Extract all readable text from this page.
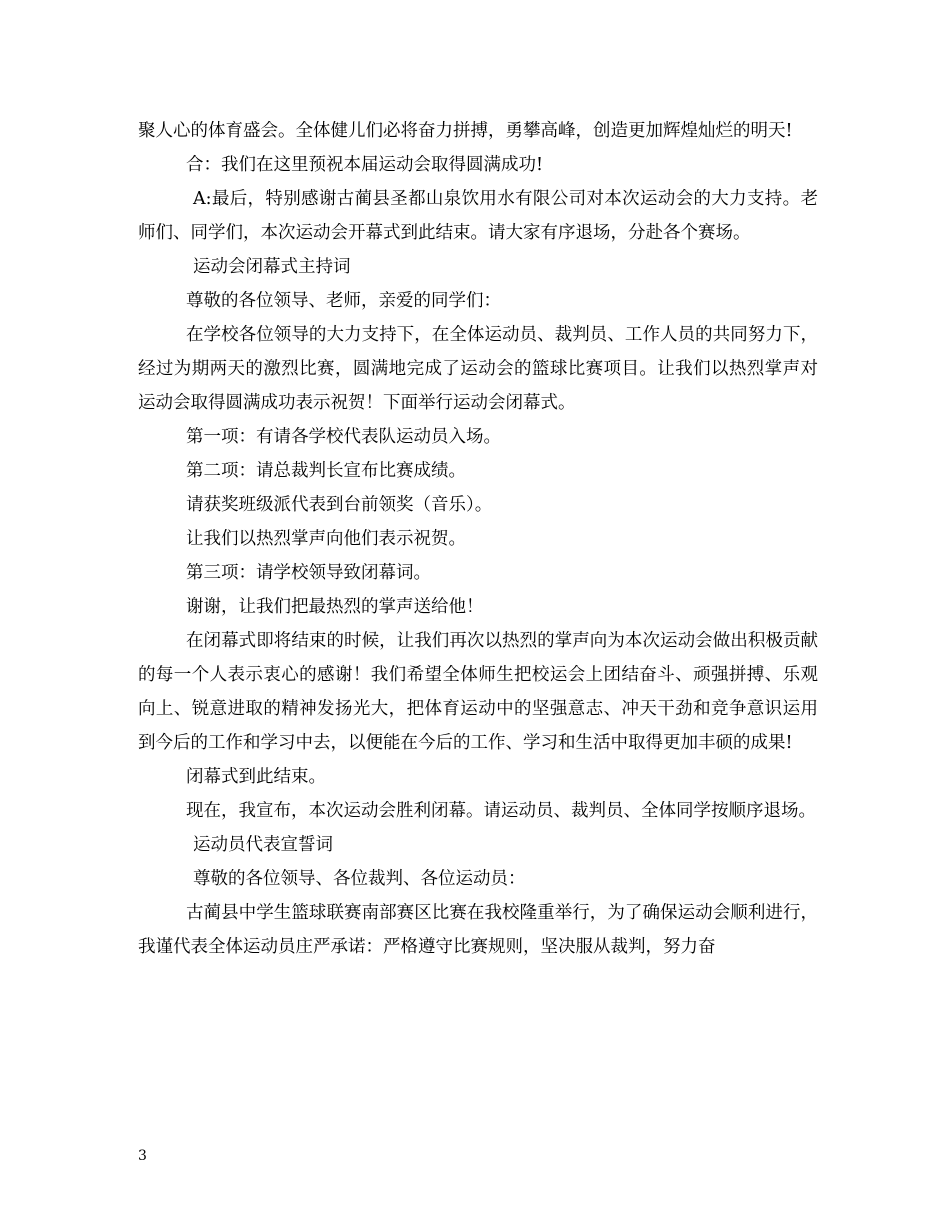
聚人心的体育盛会。全体健儿们必将奋力拼搏，勇攀高峰，创造更加辉煌灿烂的明天!

合：我们在这里预祝本届运动会取得圆满成功!

A:最后，特别感谢古蔺县圣都山泉饮用水有限公司对本次运动会的大力支持。老师们、同学们，本次运动会开幕式到此结束。请大家有序退场，分赴各个赛场。

运动会闭幕式主持词

尊敬的各位领导、老师，亲爱的同学们：

在学校各位领导的大力支持下，在全体运动员、裁判员、工作人员的共同努力下，经过为期两天的激烈比赛，圆满地完成了运动会的篮球比赛项目。让我们以热烈掌声对运动会取得圆满成功表示祝贺！下面举行运动会闭幕式。

第一项：有请各学校代表队运动员入场。

第二项：请总裁判长宣布比赛成绩。

请获奖班级派代表到台前领奖（音乐）。

让我们以热烈掌声向他们表示祝贺。

第三项：请学校领导致闭幕词。

谢谢，让我们把最热烈的掌声送给他！

在闭幕式即将结束的时候，让我们再次以热烈的掌声向为本次运动会做出积极贡献的每一个人表示衷心的感谢！我们希望全体师生把校运会上团结奋斗、顽强拼搏、乐观向上、锐意进取的精神发扬光大，把体育运动中的坚强意志、冲天干劲和竞争意识运用到今后的工作和学习中去，以便能在今后的工作、学习和生活中取得更加丰硕的成果!

闭幕式到此结束。

现在，我宣布，本次运动会胜利闭幕。请运动员、裁判员、全体同学按顺序退场。

运动员代表宣誓词

尊敬的各位领导、各位裁判、各位运动员：

古蔺县中学生篮球联赛南部赛区比赛在我校隆重举行，为了确保运动会顺利进行，我谨代表全体运动员庄严承诺：严格遵守比赛规则，坚决服从裁判，努力奋

3
